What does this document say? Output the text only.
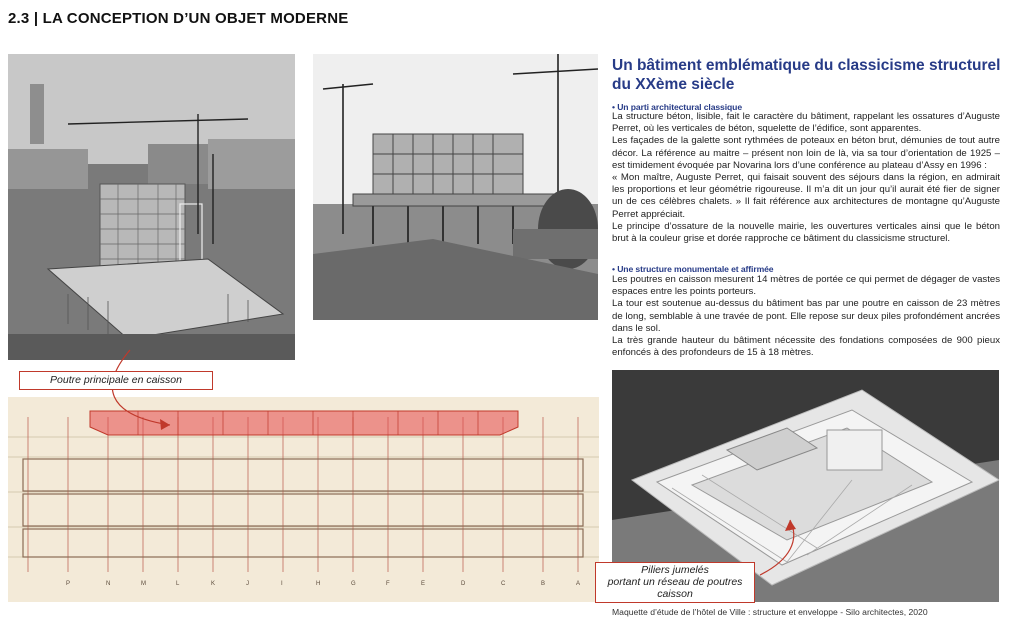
2.3 | LA CONCEPTION D’UN OBJET MODERNE
Un bâtiment emblématique du classicisme structurel du XXème siècle
• Un parti architectural classique

La structure béton, lisible, fait le caractère du bâtiment, rappelant les ossatures d’Auguste Perret, où les verticales de béton, squelette de l’édifice, sont apparentes.

Les façades de la galette sont rythmées de poteaux en béton brut, démunies de tout autre décor. La référence au maitre – présent non loin de là, via sa tour d’orientation de 1925 – est timidement évoquée par Novarina lors d’une conférence au plateau d’Assy en 1996 :

« Mon maître, Auguste Perret, qui faisait souvent des séjours dans la région, en admirait les proportions et leur géométrie rigoureuse. Il m’a dit un jour qu’il aurait été fier de signer un de ces célèbres chalets. » Il fait référence aux architectures de montagne qu’Auguste Perret appréciait.

Le principe d’ossature de la nouvelle mairie, les ouvertures verticales ainsi que le béton brut à la couleur grise et dorée rapproche ce bâtiment du classicisme structurel.

• Une structure monumentale et affirmée

Les poutres en caisson mesurent 14 mètres de portée ce qui permet de dégager de vastes espaces entre les points porteurs.

La tour est soutenue au-dessus du bâtiment bas par une poutre en caisson de 23 mètres de long, semblable à une travée de pont. Elle repose sur deux piles profondément ancrées dans le sol.

La très grande hauteur du bâtiment nécessite des fondations composées de 900 pieux enfoncés à des profondeurs de 15 à 18 mètres.

P	N	M	L	K	J	I	H	G	F	E	D	C	B	A
Poutre principale en caisson
Piliers jumelés
portant un réseau de poutres
caisson
Maquette d’étude de l’hôtel de Ville : structure et enveloppe - Silo architectes, 2020
